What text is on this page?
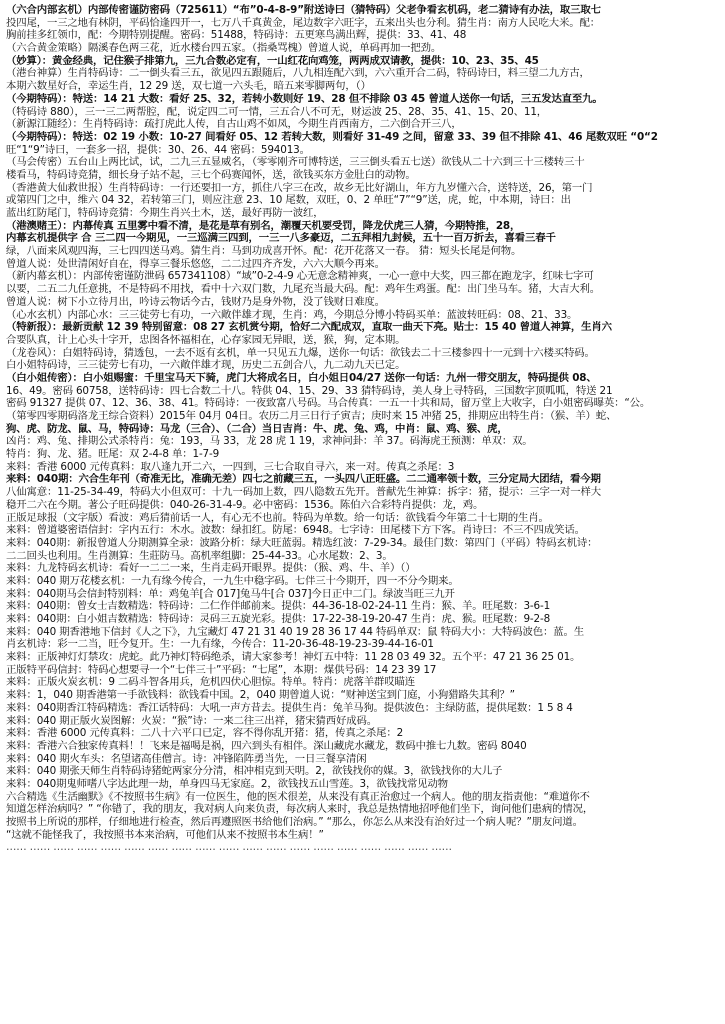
（六合内部玄机）内部传密谨防密码（725611）“布”0-4-8-9”附送诗曰（猜特码）父老争看玄机码，老二猜诗有办法，取三取七
投四尾，一三之地有林阴，平码恰逢四开一，七万八千真黄金，尾边数字六旺字，五来出头也分利。猜生肖：南方人民吃大米。配：
胸前挂多红领巾，配：今期特别提醒。密码：51488，特码诗：五更寒鸟满出辉，提供：33、41、48
（六合黄金策略）隔溪春色两三花，近水楼台四五家。（指桑骂槐）曾道人说，单码再加一把劲。
（妙算）：黄金经典，记住猴子排第九，三九合数必定有，一山红花向鸡笼，两两成双请教，提供：10、23、35、45
（港台神算）生肖特码诗：二一倒头看三五，欲见四五跟随后，八九相连配六到，六六重开合二码，特码诗曰，料三望二九方古，
本期六数星好合，幸运生肖，12 29 送，双七道一六头毛，暗五来零脚两句，（）
（今期特码）：特送：14 21 大数：看好 25、32，若转小数则好 19、28 但不排除 03 45 曾道人送你一句话，三五发达直至九。
（特码诗 880），三一三二两帮腔，配，说定四二可一情，三五合八不可无，财运波 25、28、35、41、15、20、11，
（新源江随经）：生肖特码诗：疏打虎此人传，自古山鸡不如凤，今期生肖西南方，二六倒合开三八，
（今期特码）：特送：02 19 小数：10-27 间看好 05、12 若转大数，则看好 31-49 之间，留意 33、39 但不排除 41、46 尾数双旺 “0“2
旺“1“9”诗曰，一套多一招，提供：30、26、44 密码：594013。
（马会传密）五台山上两比试，试，二九三五显威名，（零零刚齐可博特送，三三倒头看五七送）欲钱从二十六到三十三楼转三十
楼看马，特码诗竞猜，细长身子站不起，三七个码赛闻怀，送，欲钱买东方金肚白的动物。
（香港黄大仙救世报）生肖特码诗：一行还要扣一方，抓住八字三在改，故乡无比好湖山，年方九岁懂六合，送特送，26，第一门
或第四门之中，维六 04 32，若转第三门，则应注意 23、10 尾数，双旺，0、2 单旺“7”“9”送，虎，蛇，中本期，诗曰：出
蓝出红防尾门，特码诗竞猜：今期生肖兴土木，送，最好再防一波红，
（港澳赌王）：内幕传真 五里雾中看不清，是花是草有别名，潮覆天机要受罚，降龙伏虎三人猜，今期特推，28，
内幕玄机提供字 合 三二四一今期见，一三巡满三四到，一三一八多豪迈，二五拜相九封候，五十一百万折去，喜看三春千
绿，八面来风观四海，三七四四送马鸡。猜生肖：马到功成喜开怀。配：花开花落又一春。 猜：短头长尾是何物。
曾道人说：处世清闲好自在，得享三餐乐悠悠，二二过四齐齐发，六六大顺今再来。
（新内幕玄机）：内部传密谨防泄码 657341108）“域”0-2-4-9 心无意念精神爽，一心一意中大奖，四三都在跑龙字，红味七字可
以要，二五二九任意挑，不是特码不用找，看中十六双门数，九尾充当最大码。配：鸡年生鸡蛋。配：出门坐马车。猪，大吉大利。
曾道人说：树下小立待月出，吟诗云物话今古，钱财乃是身外物，没了钱财日难度。
（心水玄机）内部心水：三三徒劳七有功，一六敞伴雄才现，生肖：鸡，今期总分博小特码买单：蓝波转旺码：08、21、33。
（特新报）：最新贡献 12 39 特别留意：08 27 玄机赏兮期，恰好二六配成双，直取一曲天下亮。贴士：15 40 曾道人神算，生肖六
合要队真，计上心头十字开，忠图各怀福相在，心存家园无异眼，送，猴，狗，定本期。
（龙卷风）：白姐特码诗，猜透包，一去不返有玄机，单一只见五九爆，送你一句话：欲钱去二十三楼参四十一元到十六楼买特码。
白小姐特码诗，三三徒劳七有功，一六敞伴雄才现，历史二五剑合八，九二动九天已定。
（白小姐传密）：白小姐赐蜜：千里宝马天下骑，虎门大将成名日，白小姐日04/27 送你一句话：九州一带交朋友，特码提供 08、
16、49。密码 60758，送特码诗：四七合数二十八。特供 04、15、29、33 猜特码诗，美人身上寻特码，三国数字顶呱呱，特送 21
密码 91327 提供 07、12、36、38、41。特码诗：一夜致富八号码。马合传真：一五一十共和局，留万堂上大收字，白小姐密码曝英：“公。
（第零四零期码洛龙王综合资料）2015年 04月 04日。农历二月三日行子寅吉；庚时来 15 冲猪 25，排期应出特生肖：（猴、羊）蛇、
狗、虎、防龙、鼠、马，特码诗：马龙（三合）、（二合）当日吉肖：牛、虎、兔、鸡，中肖：鼠、鸡、猴、虎，
凶肖：鸡、兔、排期公式杀特肖：兔：193，马 33，龙 28 虎 1 19，求神问卦：羊 37。码海虎王预测：单双：双。
特肖：狗、龙、猪。旺尾：双 2-4-8 单：1-7-9
来料：香港 6000 元传真料：取八逢九开二六，一四到，三七合取自寻六，来一对。传真之杀尾：3
来料：040期：六合生年刊（奇准无比，准确无差）四七之前藏三五，一头四八正旺盛。二二通率领十数，三分定局大团结，看今期
八仙寓意：11-25-34-49，特码大小但双可：十九一码加上数，四八隐数五先开。普献先生神算：拆字：猪，提示：三字一对一样大
稳开二六在今期。著公子旺码提供：040-26-31-4-9。必中密码：1536。陈伯六合彩特肖提供：龙，鸡。
正版足球报（文字版）看波：鸡后猜前话一人，有心无不也前。特码为单数。给一句话：欲钱看今年第二十七期的生肖。
来料：曾道婆密语信封：字内五行：木水。波数：绿扣红。防尾：6948。七字诗：田尾楼下方下客。肖诗曰：不三不四成笑话。
来料：040期：新报曾道人分期测算全录：波路分析：绿大旺蓝弱。精选红波：7-29-34。最佳门数：第四门（平码）特码玄机诗：
二二回头也利用。生肖测算：生莊防马。高机率组脚：25-44-33。心水尾数：2、3。
来料：九龙特码玄机诗：看好一二二一来，生肖走码开眼界。提供：（猴、鸡、牛、羊）（）
来料：040 期万花楼玄机：一九有缘今传合，一九生中稳字码。七伴三十今期开，四一不分今期来。
来料：040期马会信封特别料：单：鸡兔羊[合 017]兔马牛[合 037]今日正中二门。绿波当旺三九开
来料：040期：曾女士吉数精选：特码诗：二仁作伴邮前来。提供：44-36-18-02-24-11 生肖：猴、羊。旺尾数：3-6-1
来料：040期：白小姐吉数精选：特码诗：灵码三五旋光彩。提供：17-22-38-19-20-47 生肖：虎、猴。旺尾数：9-2-8
来料：040 期香港地下信封《人之下》，九宝藏灯 47 21 31 40 19 28 36 17 44 特码单双：鼠 特码大小：大特码波色：蓝。生
肖玄机诗：彩一二当，旺今复开。生：一九有缘，今传合：11-20-36-48-19-23-39-44-16-01
来料：正版神灯灯禁攻：虎蛇。此乃神灯特码绝杀，请大家参考！神灯五中特：11 28 03 49 32。五个平：47 21 36 25 01。
正版特平码信封：特码心想要寻一个“七伴三十”平码：“七尾”，本期：煤供号码：14 23 39 17
来料：正版火炭玄机：9 二码斗智各用兵，危机四伏心胆惊。特单。特肖：虎落羊群哎瞄连
来料：1，040 期香港第一手欲钱料：欲钱看中国。2，040 期曾道人说：“财神送宝到门庭，小狗猎路失其利？”
来料：040期香江特码精选：香江话特码：大吼一声方昔去。提供生肖：兔羊马狗。提供波色：主绿防蓝，提供尾数：1 5 8 4
来料：040 期正版火炭图解：火炭：“猴”诗：一来二往三出祥，猪宋猜西好成码。
来料：香港 6000 元传真料：二八十六平口已定，容不得你乱开猪：猪，传真之杀尾：2
来料：香港六合独家传真料！！飞来是福喝是祸，四六到头有相伴。深山藏虎水藏龙，数码中推七九数。密码 8040
来料：040 期火车头：名望诸高佳僧言。诗：冲锋陷阵勇当先，一日三餐享清闲
来料：040 期张天师生肖特码诗猪蛇两家分分清，相冲相克到天明。2，欲钱找你的媒。3，欲钱找你的大儿子
来料：040期鬼师嗜八字达此理一劫，单身四马无家庭。2，欲钱找五山雪莲。3，欲钱找常见动物
六合精选《生活幽默》《不按照书生病》有一位医生，他的医术很差，从来没有真正治愈过一个病人。他的朋友指责他：“难道你不
知道怎样治病吗？” “你错了，我的朋友，我对病人向来负责，每次病人来时，我总是热情地招呼他们坐下，询问他们患病的情况，
按照书上所说的那样，仔细地进行检查，然后再遵照医书给他们治病。” “那么，你怎么从来没有治好过一个病人呢？”朋友问道。
“这就不能怪我了，我按照书本来治病，可他们从来不按照书本生病！”
…… …… …… …… …… …… …… …… …… …… …… …… …… …… …… …… …… …… ……
